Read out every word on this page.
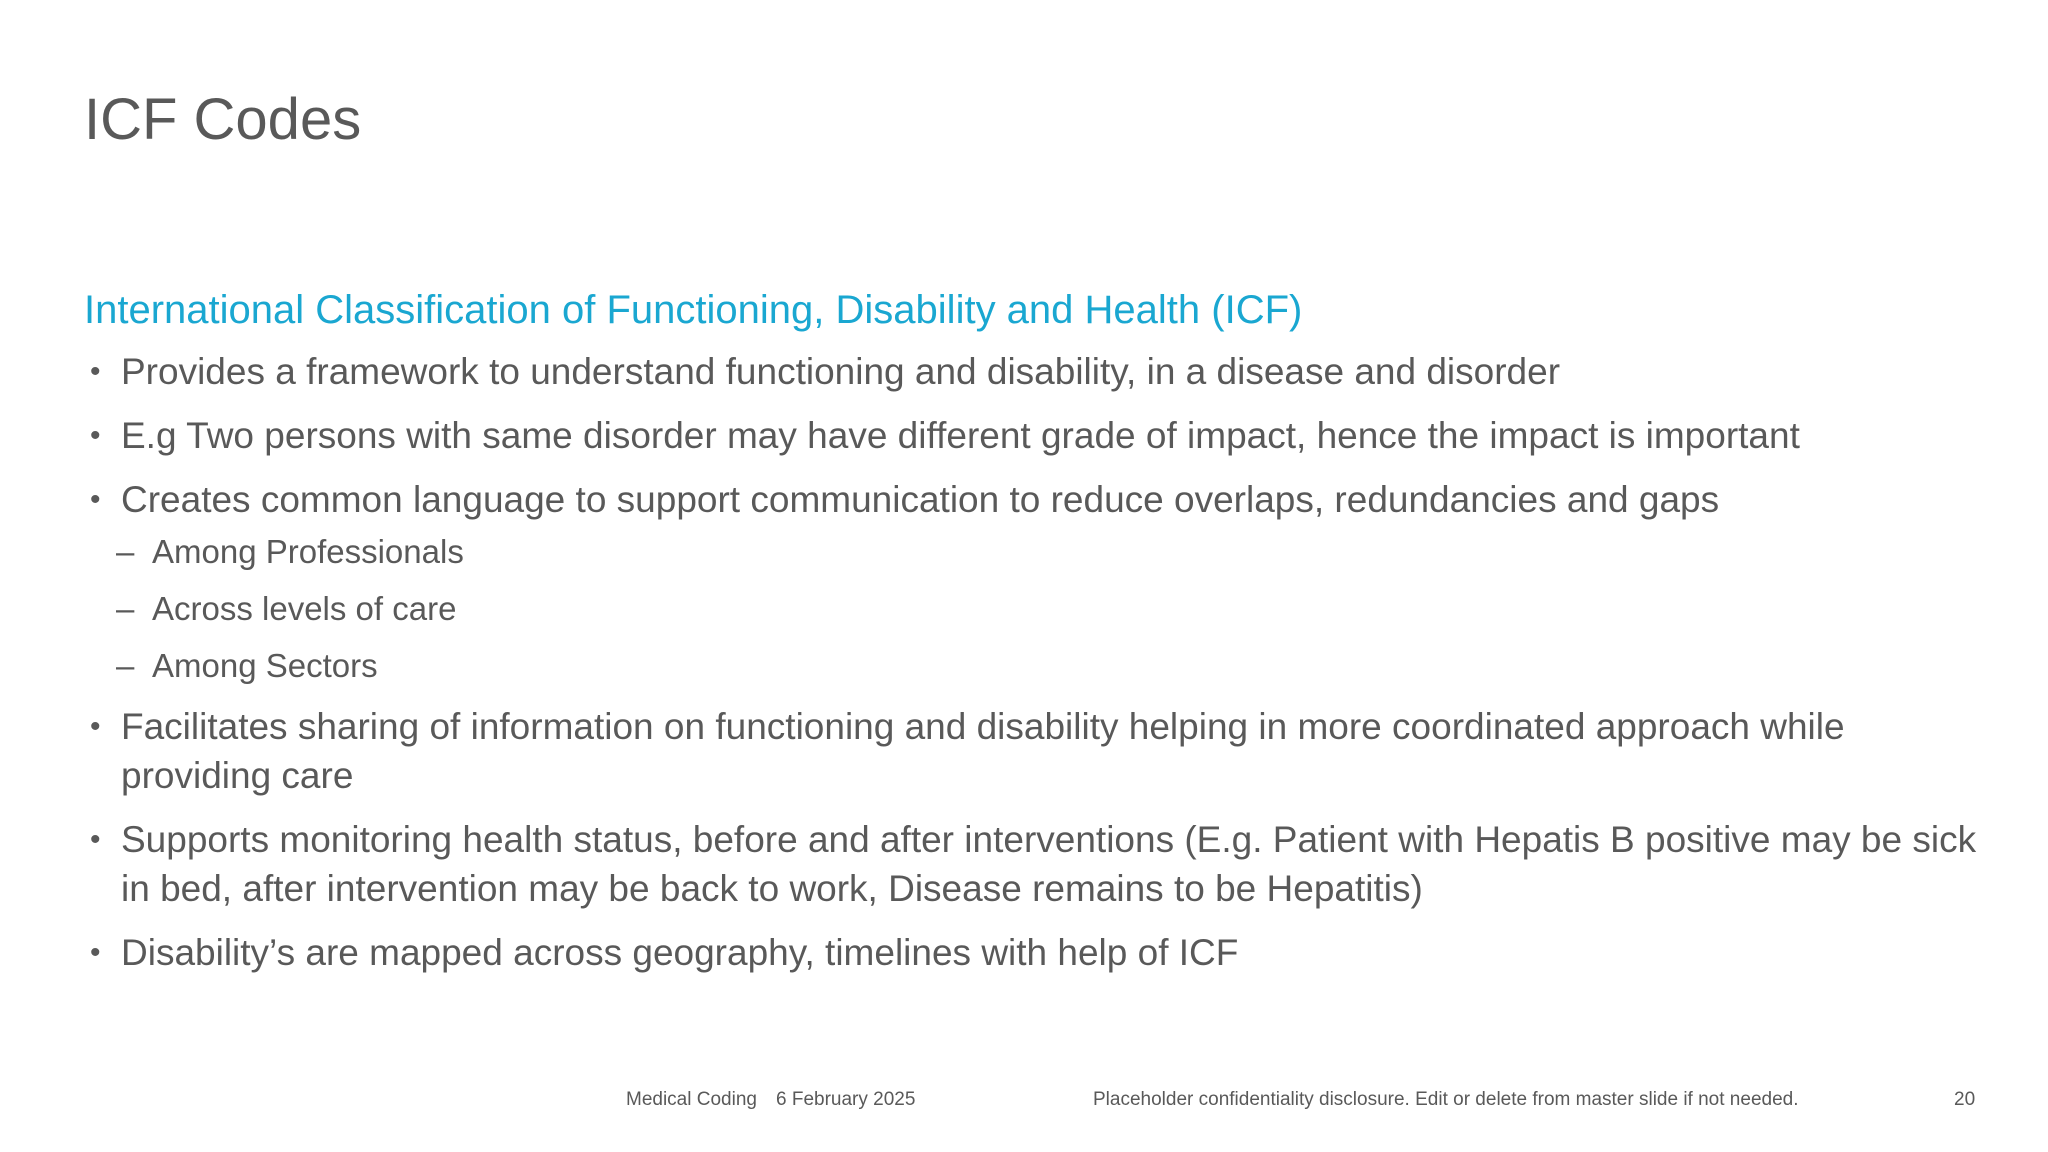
ICF Codes
International Classification of Functioning, Disability and Health (ICF)
• Provides a framework to understand functioning and disability, in a disease and disorder
• E.g Two persons with same disorder may have different grade of impact, hence the impact is important
• Creates common language to support communication to reduce overlaps, redundancies and gaps
– Among Professionals
– Across levels of care
– Among Sectors
• Facilitates sharing of information on functioning and disability helping in more coordinated approach while providing care
• Supports monitoring health status, before and after interventions (E.g. Patient with Hepatis B positive may be sick in bed, after intervention may be back to work, Disease remains to be Hepatitis)
• Disability’s are mapped across geography, timelines with help of ICF
Medical Coding 6 February 2025	Placeholder confidentiality disclosure. Edit or delete from master slide if not needed.	20
